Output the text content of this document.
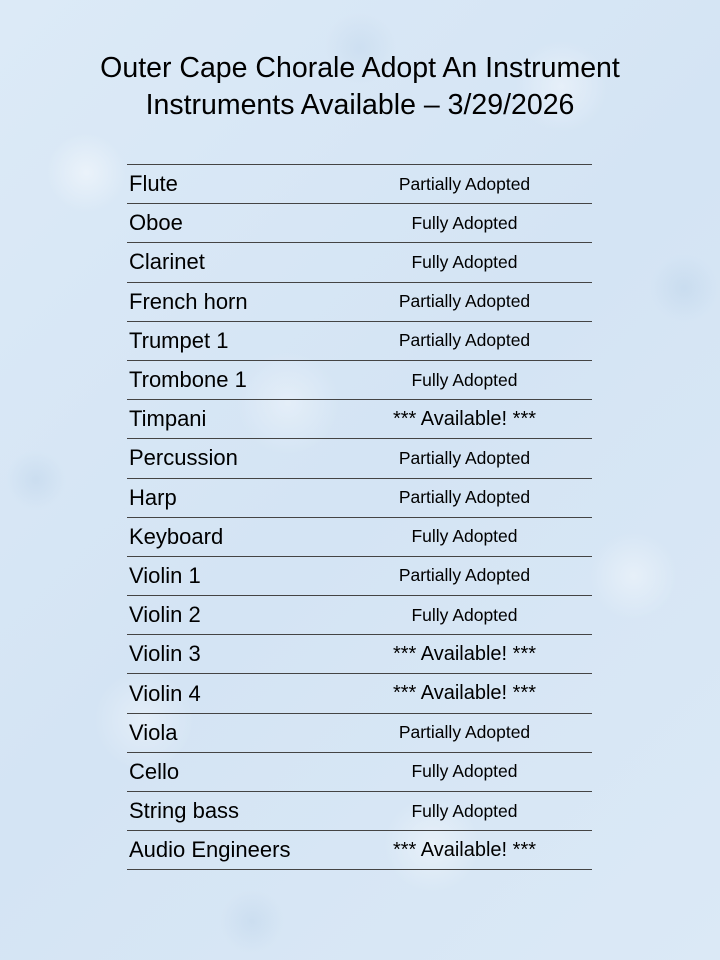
Outer Cape Chorale Adopt An Instrument
Instruments Available – 3/29/2026
Flute	Partially Adopted
Oboe	Fully Adopted
Clarinet	Fully Adopted
French horn	Partially Adopted
Trumpet 1	Partially Adopted
Trombone 1	Fully Adopted
Timpani	*** Available! ***
Percussion	Partially Adopted
Harp	Partially Adopted
Keyboard	Fully Adopted
Violin 1	Partially Adopted
Violin 2	Fully Adopted
Violin 3	*** Available! ***
Violin 4	*** Available! ***
Viola	Partially Adopted
Cello	Fully Adopted
String bass	Fully Adopted
Audio Engineers	*** Available! ***
